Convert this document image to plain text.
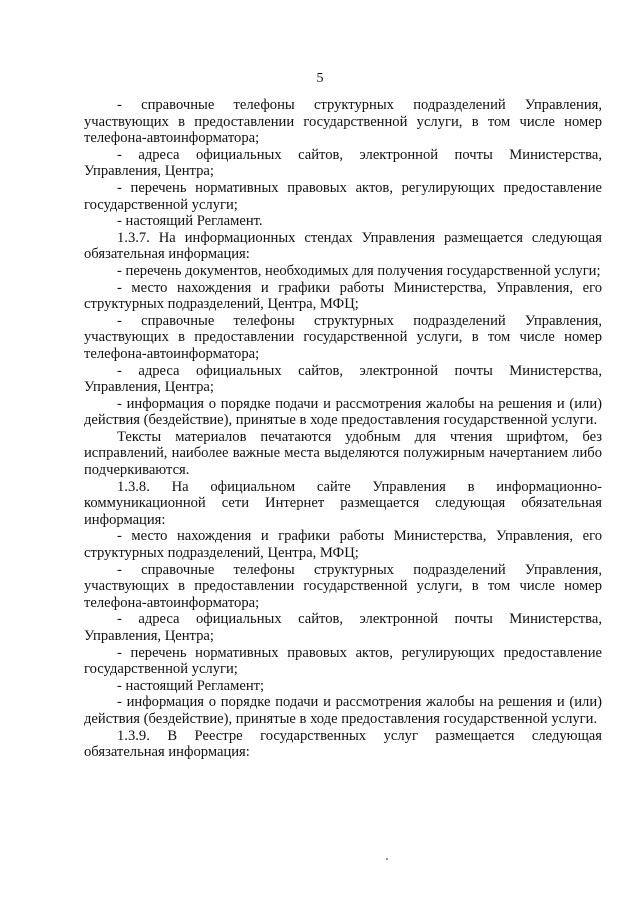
5

- справочные телефоны структурных подразделений Управления, участвующих в предоставлении государственной услуги, в том числе номер телефона-автоинформатора;

- адреса официальных сайтов, электронной почты Министерства, Управления, Центра;

- перечень нормативных правовых актов, регулирующих предоставление государственной услуги;

- настоящий Регламент.

1.3.7. На информационных стендах Управления размещается следующая обязательная информация:

- перечень документов, необходимых для получения государственной услуги;

- место нахождения и графики работы Министерства, Управления, его структурных подразделений, Центра, МФЦ;

- справочные телефоны структурных подразделений Управления, участвующих в предоставлении государственной услуги, в том числе номер телефона-автоинформатора;

- адреса официальных сайтов, электронной почты Министерства, Управления, Центра;

- информация о порядке подачи и рассмотрения жалобы на решения и (или) действия (бездействие), принятые в ходе предоставления государственной услуги.

Тексты материалов печатаются удобным для чтения шрифтом, без исправлений, наиболее важные места выделяются полужирным начертанием либо подчеркиваются.

1.3.8. На официальном сайте Управления в информационно-коммуникационной сети Интернет размещается следующая обязательная информация:

- место нахождения и графики работы Министерства, Управления, его структурных подразделений, Центра, МФЦ;

- справочные телефоны структурных подразделений Управления, участвующих в предоставлении государственной услуги, в том числе номер телефона-автоинформатора;

- адреса официальных сайтов, электронной почты Министерства, Управления, Центра;

- перечень нормативных правовых актов, регулирующих предоставление государственной услуги;

- настоящий Регламент;

- информация о порядке подачи и рассмотрения жалобы на решения и (или) действия (бездействие), принятые в ходе предоставления государственной услуги.

1.3.9. В Реестре государственных услуг размещается следующая обязательная информация:
